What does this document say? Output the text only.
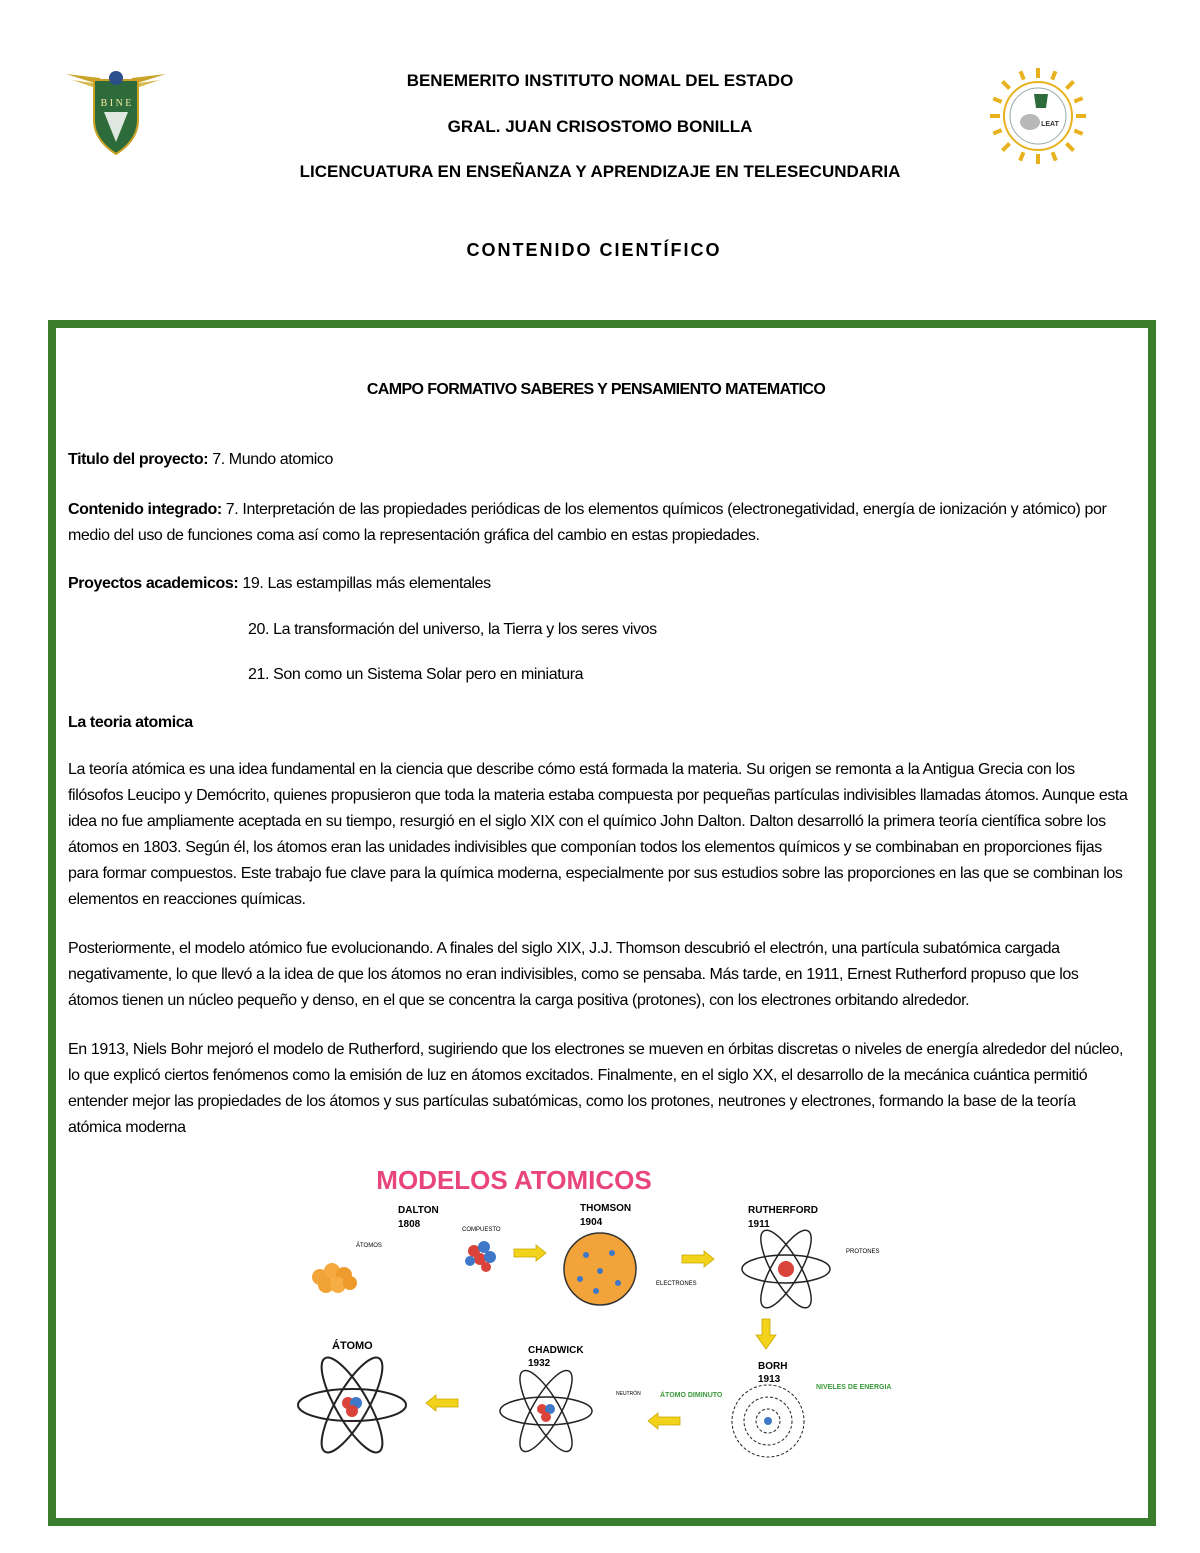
B I N E
LEAT
BENEMERITO INSTITUTO NOMAL DEL ESTADO
GRAL. JUAN CRISOSTOMO BONILLA
LICENCUATURA EN ENSEÑANZA Y APRENDIZAJE EN TELESECUNDARIA
CONTENIDO CIENTÍFICO
CAMPO FORMATIVO SABERES Y PENSAMIENTO MATEMATICO
Titulo del proyecto: 7. Mundo atomico
Contenido integrado: 7. Interpretación de las propiedades periódicas de los elementos químicos (electronegatividad, energía de ionización y atómico) por medio del uso de funciones coma así como la representación gráfica del cambio en estas propiedades.
Proyectos academicos: 19. Las estampillas más elementales
20. La transformación del universo, la Tierra y los seres vivos
21. Son como un Sistema Solar pero en miniatura
La teoria atomica
La teoría atómica es una idea fundamental en la ciencia que describe cómo está formada la materia. Su origen se remonta a la Antigua Grecia con los filósofos Leucipo y Demócrito, quienes propusieron que toda la materia estaba compuesta por pequeñas partículas indivisibles llamadas átomos. Aunque esta idea no fue ampliamente aceptada en su tiempo, resurgió en el siglo XIX con el químico John Dalton. Dalton desarrolló la primera teoría científica sobre los átomos en 1803. Según él, los átomos eran las unidades indivisibles que componían todos los elementos químicos y se combinaban en proporciones fijas para formar compuestos. Este trabajo fue clave para la química moderna, especialmente por sus estudios sobre las proporciones en las que se combinan los elementos en reacciones químicas.
Posteriormente, el modelo atómico fue evolucionando. A finales del siglo XIX, J.J. Thomson descubrió el electrón, una partícula subatómica cargada negativamente, lo que llevó a la idea de que los átomos no eran indivisibles, como se pensaba. Más tarde, en 1911, Ernest Rutherford propuso que los átomos tienen un núcleo pequeño y denso, en el que se concentra la carga positiva (protones), con los electrones orbitando alrededor.
En 1913, Niels Bohr mejoró el modelo de Rutherford, sugiriendo que los electrones se mueven en órbitas discretas o niveles de energía alrededor del núcleo, lo que explicó ciertos fenómenos como la emisión de luz en átomos excitados. Finalmente, en el siglo XX, el desarrollo de la mecánica cuántica permitió entender mejor las propiedades de los átomos y sus partículas subatómicas, como los protones, neutrones y electrones, formando la base de la teoría atómica moderna
MODELOS ATOMICOS
DALTON
1808
ÁTOMOS
COMPUESTO
THOMSON
1904
ELECTRONES
RUTHERFORD
1911
PROTONES
BORH
1913
ÁTOMO DIMINUTO
NIVELES DE ENERGIA
CHADWICK
1932
NEUTRÓN
ÁTOMO
